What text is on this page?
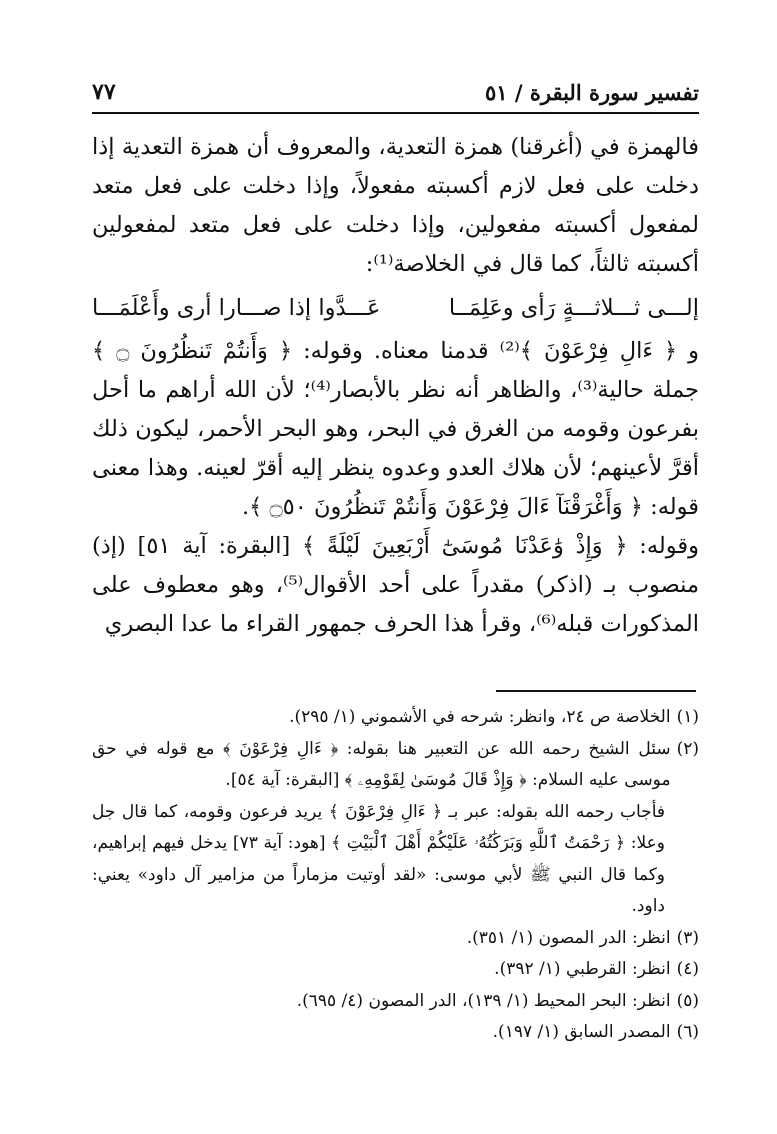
٧٧	تفسير سورة البقرة / ٥١

فالهمزة في (أغرقنا) همزة التعدية، والمعروف أن همزة التعدية إذا دخلت على فعل لازم أكسبته مفعولاً، وإذا دخلت على فعل متعد لمفعول أكسبته مفعولين، وإذا دخلت على فعل متعد لمفعولين أكسبته ثالثاً، كما قال في الخلاصة⁽¹⁾:

إلـــى ثـــلاثـــةٍ رَأى وعَلِمَــا
عَـــدَّوا إذا صـــارا أرى وأَعْلَمَـــا

و ﴿ ءَالِ فِرْعَوْنَ ﴾⁽²⁾ قدمنا معناه. وقوله: ﴿ وَأَنتُمْ تَنظُرُونَ ۝ ﴾ جملة حالية⁽³⁾، والظاهر أنه نظر بالأبصار⁽⁴⁾؛ لأن الله أراهم ما أحل بفرعون وقومه من الغرق في البحر، وهو البحر الأحمر، ليكون ذلك أقرَّ لأعينهم؛ لأن هلاك العدو وعدوه ينظر إليه أقرّ لعينه. وهذا معنى قوله: ﴿ وَأَغْرَقْنَآ ءَالَ فِرْعَوْنَ وَأَنتُمْ تَنظُرُونَ ۝٥٠ ﴾.

وقوله: ﴿ وَإِذْ وَٰعَدْنَا مُوسَىٰٓ أَرْبَعِينَ لَيْلَةً ﴾ [البقرة: آية ٥١] (إذ) منصوب بـ (اذكر) مقدراً على أحد الأقوال⁽⁵⁾، وهو معطوف على المذكورات قبله⁽⁶⁾، وقرأ هذا الحرف جمهور القراء ما عدا البصري

(١)
الخلاصة ص ٢٤، وانظر: شرحه في الأشموني (١/ ٢٩٥).
(٢)
سئل الشيخ رحمه الله عن التعبير هنا بقوله: ﴿ ءَالِ فِرْعَوْنَ ﴾ مع قوله في حق موسى عليه السلام: ﴿ وَإِذْ قَالَ مُوسَىٰ لِقَوْمِهِۦ ﴾ [البقرة: آية ٥٤].
فأجاب رحمه الله بقوله: عبر بـ ﴿ ءَالِ فِرْعَوْنَ ﴾ يريد فرعون وقومه، كما قال جل وعلا: ﴿ رَحْمَتُ ٱللَّهِ وَبَرَكَٰتُهُۥ عَلَيْكُمْ أَهْلَ ٱلْبَيْتِ ﴾ [هود: آية ٧٣] يدخل فيهم إبراهيم، وكما قال النبي ﷺ لأبي موسى: «لقد أوتيت مزماراً من مزامير آل داود» يعني: داود.
(٣)
انظر: الدر المصون (١/ ٣٥١).
(٤)
انظر: القرطبي (١/ ٣٩٢).
(٥)
انظر: البحر المحيط (١/ ١٣٩)، الدر المصون (٤/ ٦٩٥).
(٦)
المصدر السابق (١/ ١٩٧).
